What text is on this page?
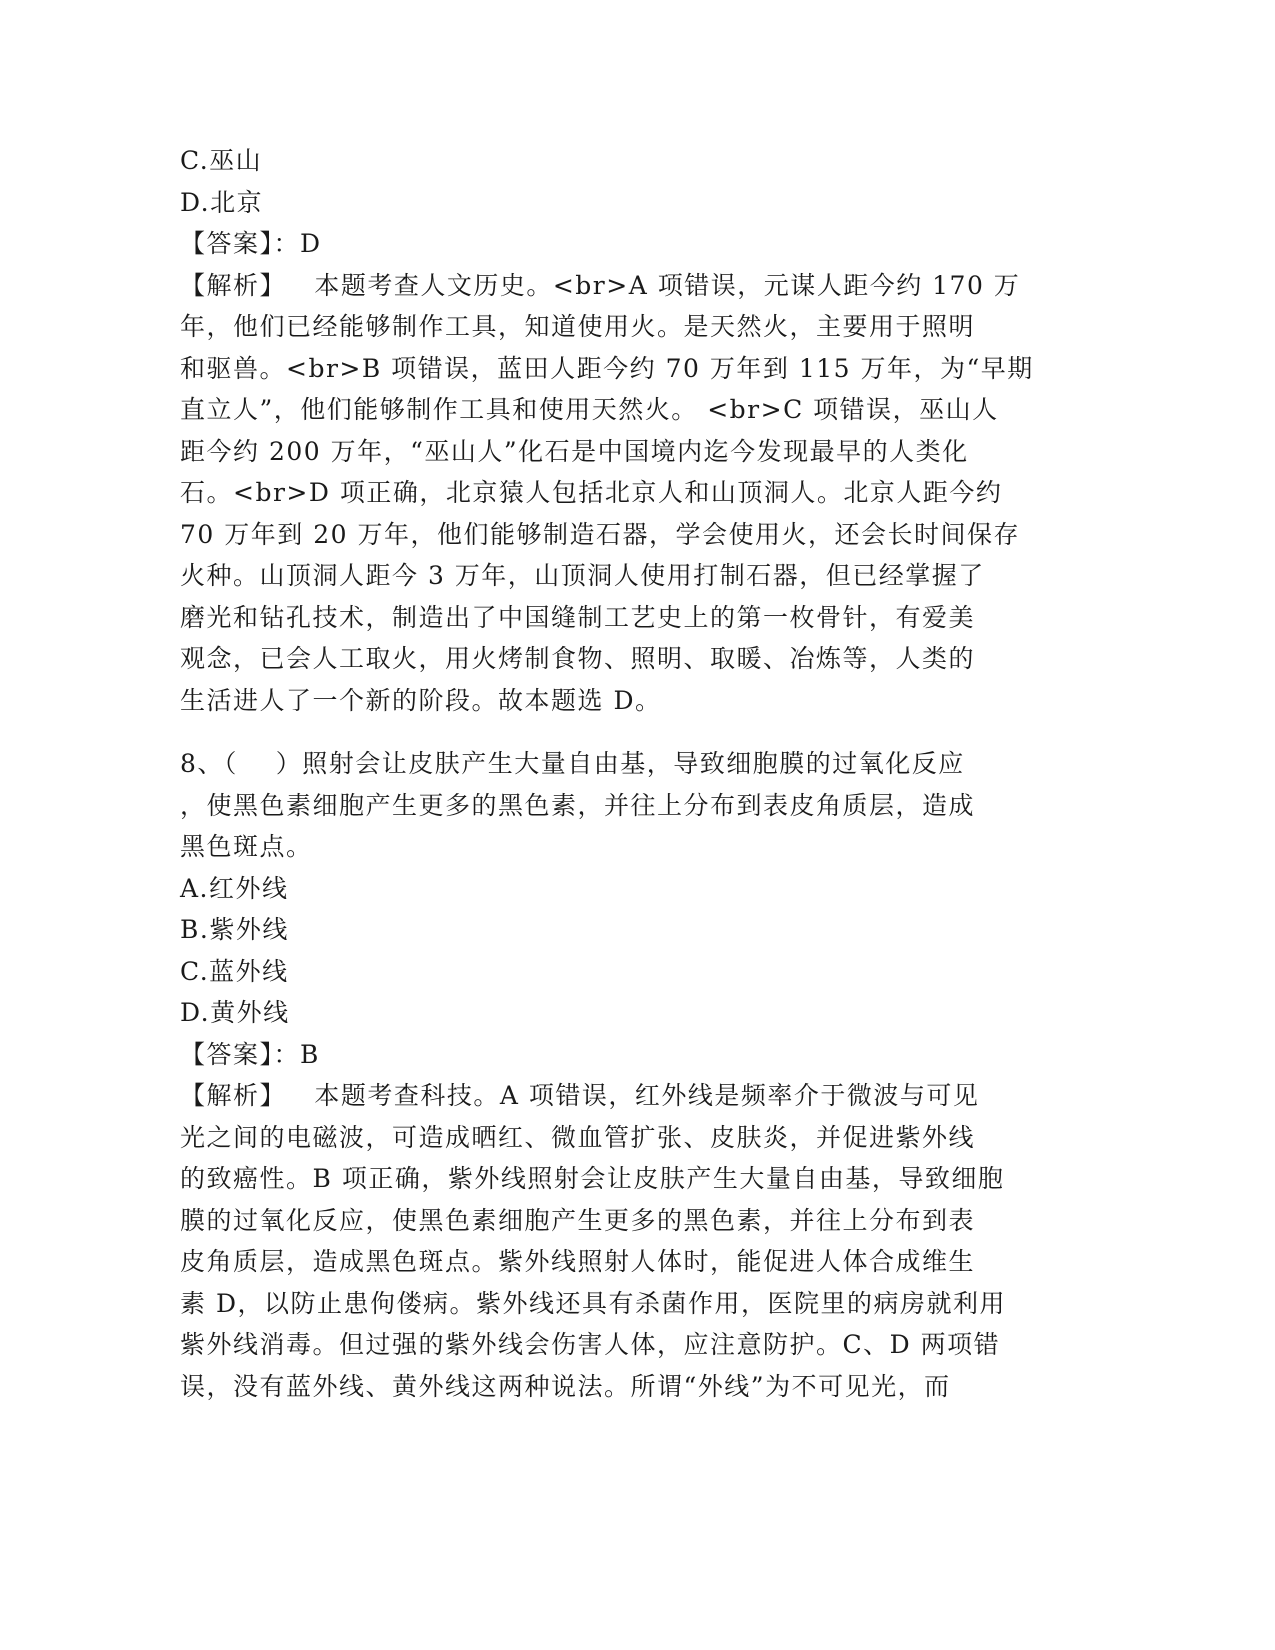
C.巫山
D.北京
【答案】：D
【解析】   本题考查人文历史。<br>A 项错误，元谋人距今约 170 万
年，他们已经能够制作工具，知道使用火。是天然火，主要用于照明
和驱兽。<br>B 项错误，蓝田人距今约 70 万年到 115 万年，为“早期
直立人”，他们能够制作工具和使用天然火。 <br>C 项错误，巫山人
距今约 200 万年，“巫山人”化石是中国境内迄今发现最早的人类化
石。<br>D 项正确，北京猿人包括北京人和山顶洞人。北京人距今约
70 万年到 20 万年，他们能够制造石器，学会使用火，还会长时间保存
火种。山顶洞人距今 3 万年，山顶洞人使用打制石器，但已经掌握了
磨光和钻孔技术，制造出了中国缝制工艺史上的第一枚骨针，有爱美
观念，已会人工取火，用火烤制食物、照明、取暖、冶炼等，人类的
生活进人了一个新的阶段。故本题选 D。
8、（    ）照射会让皮肤产生大量自由基，导致细胞膜的过氧化反应
，使黑色素细胞产生更多的黑色素，并往上分布到表皮角质层，造成
黑色斑点。
A.红外线
B.紫外线
C.蓝外线
D.黄外线
【答案】：B
【解析】   本题考查科技。A 项错误，红外线是频率介于微波与可见
光之间的电磁波，可造成晒红、微血管扩张、皮肤炎，并促进紫外线
的致癌性。B 项正确，紫外线照射会让皮肤产生大量自由基，导致细胞
膜的过氧化反应，使黑色素细胞产生更多的黑色素，并往上分布到表
皮角质层，造成黑色斑点。紫外线照射人体时，能促进人体合成维生
素 D，以防止患佝偻病。紫外线还具有杀菌作用，医院里的病房就利用
紫外线消毒。但过强的紫外线会伤害人体，应注意防护。C、D 两项错
误，没有蓝外线、黄外线这两种说法。所谓“外线”为不可见光，而
